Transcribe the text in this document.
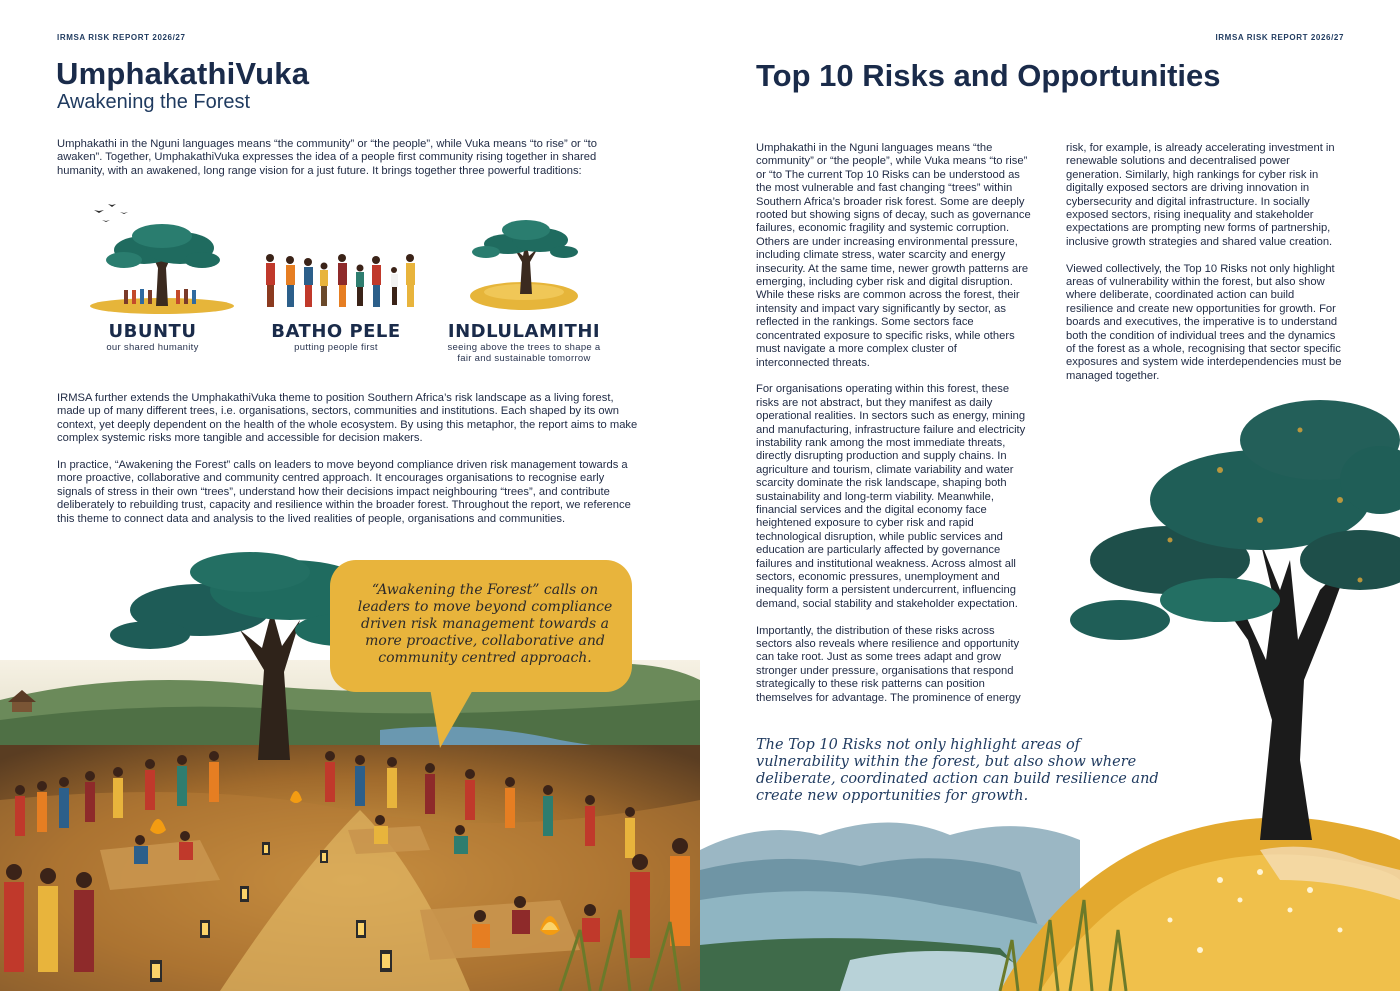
IRMSA RISK REPORT 2026/27
UmphakathiVuka
Awakening the Forest
Umphakathi in the Nguni languages means “the community” or “the people”, while Vuka means “to rise” or “to awaken”. Together, UmphakathiVuka expresses the idea of a people first community rising together in shared humanity, with an awakened, long range vision for a just future. It brings together three powerful traditions:
UBUNTU
our shared humanity
BATHO PELE
putting people first
INDLULAMITHI
seeing above the trees to shape a fair and sustainable tomorrow
IRMSA further extends the UmphakathiVuka theme to position Southern Africa’s risk landscape as a living forest, made up of many different trees, i.e. organisations, sectors, communities and institutions. Each shaped by its own context, yet deeply dependent on the health of the whole ecosystem. By using this metaphor, the report aims to make complex systemic risks more tangible and accessible for decision makers.
In practice, “Awakening the Forest” calls on leaders to move beyond compliance driven risk management towards a more proactive, collaborative and community centred approach. It encourages organisations to recognise early signals of stress in their own “trees”, understand how their decisions impact neighbouring “trees”, and contribute deliberately to rebuilding trust, capacity and resilience within the broader forest. Throughout the report, we reference this theme to connect data and analysis to the lived realities of people, organisations and communities.
“Awakening the Forest” calls on leaders to move beyond compliance driven risk management towards a more proactive, collaborative and community centred approach.
IRMSA RISK REPORT 2026/27
Top 10 Risks and Opportunities

Umphakathi in the Nguni languages means “the community” or “the people”, while Vuka means “to rise” or “to The current Top 10 Risks can be understood as the most vulnerable and fast changing “trees” within Southern Africa’s broader risk forest. Some are deeply rooted but showing signs of decay, such as governance failures, economic fragility and systemic corruption. Others are under increasing environmental pressure, including climate stress, water scarcity and energy insecurity. At the same time, newer growth patterns are emerging, including cyber risk and digital disruption. While these risks are common across the forest, their intensity and impact vary significantly by sector, as reflected in the rankings. Some sectors face concentrated exposure to specific risks, while others must navigate a more complex cluster of interconnected threats.

For organisations operating within this forest, these risks are not abstract, but they manifest as daily operational realities. In sectors such as energy, mining and manufacturing, infrastructure failure and electricity instability rank among the most immediate threats, directly disrupting production and supply chains. In agriculture and tourism, climate variability and water scarcity dominate the risk landscape, shaping both sustainability and long-term viability. Meanwhile, financial services and the digital economy face heightened exposure to cyber risk and rapid technological disruption, while public services and education are particularly affected by governance failures and institutional weakness. Across almost all sectors, economic pressures, unemployment and inequality form a persistent undercurrent, influencing demand, social stability and stakeholder expectation.

Importantly, the distribution of these risks across sectors also reveals where resilience and opportunity can take root. Just as some trees adapt and grow stronger under pressure, organisations that respond strategically to these risk patterns can position themselves for advantage. The prominence of energy

risk, for example, is already accelerating investment in renewable solutions and decentralised power generation. Similarly, high rankings for cyber risk in digitally exposed sectors are driving innovation in cybersecurity and digital infrastructure. In socially exposed sectors, rising inequality and stakeholder expectations are prompting new forms of partnership, inclusive growth strategies and shared value creation.

Viewed collectively, the Top 10 Risks not only highlight areas of vulnerability within the forest, but also show where deliberate, coordinated action can build resilience and create new opportunities for growth. For boards and executives, the imperative is to understand both the condition of individual trees and the dynamics of the forest as a whole, recognising that sector specific exposures and system wide interdependencies must be managed together.

The Top 10 Risks not only highlight areas of vulnerability within the forest, but also show where deliberate, coordinated action can build resilience and create new opportunities for growth.
